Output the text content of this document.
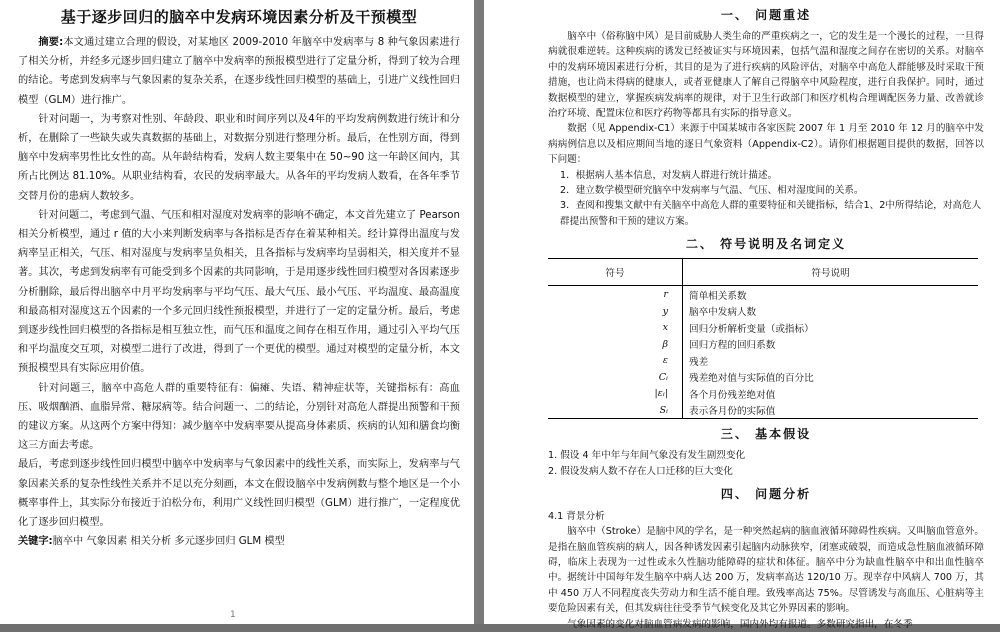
基于逐步回归的脑卒中发病环境因素分析及干预模型

摘要:本文通过建立合理的假设，对某地区 2009-2010 年脑卒中发病率与 8 种气象因素进行了相关分析，并经多元逐步回归建立了脑卒中发病率的预报模型进行了定量分析，得到了较为合理的结论。考虑到发病率与气象因素的复杂关系，在逐步线性回归模型的基础上，引进广义线性回归模型（GLM）进行推广。

针对问题一，为考察对性别、年龄段、职业和时间序列以及4年的平均发病例数进行统计和分析，在删除了一些缺失或失真数据的基础上，对数据分别进行整理分析。最后，在性别方面，得到脑卒中发病率男性比女性的高。从年龄结构看，发病人数主要集中在 50~90 这一年龄区间内，其所占比例达 81.10%。从职业结构看，农民的发病率最大。从各年的平均发病人数看，在各年季节交替月份的患病人数较多。

针对问题二，考虑到气温、气压和相对湿度对发病率的影响不确定，本文首先建立了 Pearson 相关分析模型，通过 r 值的大小来判断发病率与各指标是否存在着某种相关。经计算得出温度与发病率呈正相关，气压、相对湿度与发病率呈负相关，且各指标与发病率均呈弱相关，相关度并不显著。其次，考虑到发病率有可能受到多个因素的共同影响，于是用逐步线性回归模型对各因素逐步分析删除，最后得出脑卒中月平均发病率与平均气压、最大气压、最小气压、平均温度、最高温度和最高相对湿度这五个因素的一个多元回归线性预报模型，并进行了一定的定量分析。最后，考虑到逐步线性回归模型的各指标是相互独立性，而气压和温度之间存在相互作用，通过引入平均气压和平均温度交互项，对模型二进行了改进，得到了一个更优的模型。通过对模型的定量分析，本文预报模型具有实际应用价值。

针对问题三，脑卒中高危人群的重要特征有：偏瘫、失语、精神症状等，关键指标有：高血压、吸烟酗酒、血脂异常、糖尿病等。结合问题一、二的结论，分别针对高危人群提出预警和干预的建议方案。从这两个方案中得知：减少脑卒中发病率要从提高身体素质、疾病的认知和膳食均衡这三方面去考虑。

最后，考虑到逐步线性回归模型中脑卒中发病率与气象因素中的线性关系，而实际上，发病率与气象因素关系的复杂性线性关系并不足以充分刻画，本文在假设脑卒中发病例数与整个地区是一个小概率事件上，其实际分布接近于泊松分布，利用广义线性回归模型（GLM）进行推广，一定程度优化了逐步回归模型。

关键字:脑卒中 气象因素 相关分析 多元逐步回归 GLM 模型

1
一、 问题重述

脑卒中（俗称脑中风）是目前威胁人类生命的严重疾病之一，它的发生是一个漫长的过程，一旦得病就很难逆转。这种疾病的诱发已经被证实与环境因素，包括气温和湿度之间存在密切的关系。对脑卒中的发病环境因素进行分析，其目的是为了进行疾病的风险评估，对脑卒中高危人群能够及时采取干预措施，也让尚未得病的健康人，或者亚健康人了解自己得脑卒中风险程度，进行自我保护。同时，通过数据模型的建立，掌握疾病发病率的规律，对于卫生行政部门和医疗机构合理调配医务力量、改善就诊治疗环境、配置床位和医疗药物等都具有实际的指导意义。

数据（见 Appendix-C1）来源于中国某城市各家医院 2007 年 1 月至 2010 年 12 月的脑卒中发病病例信息以及相应期间当地的逐日气象资料（Appendix-C2）。请你们根据题目提供的数据，回答以下问题：

1．根据病人基本信息，对发病人群进行统计描述。

2．建立数学模型研究脑卒中发病率与气温、气压、相对湿度间的关系。

3．查阅和搜集文献中有关脑卒中高危人群的重要特征和关键指标，结合1、2中所得结论，对高危人群提出预警和干预的建议方案。

二、 符号说明及名词定义
符号	符号说明
r	简单相关系数
y	脑卒中发病人数
x	回归分析解析变量（或指标）
β	回归方程的回归系数
ε	残差
Cᵢ	残差绝对值与实际值的百分比
|εᵢ|	各个月份残差绝对值
Sᵢ	表示各月份的实际值
三、 基本假设

1. 假设 4 年中年与年间气象没有发生剧烈变化

2. 假设发病人数不存在人口迁移的巨大变化

四、 问题分析

4.1 背景分析

脑卒中（Stroke）是脑中风的学名，是一种突然起病的脑血液循环障碍性疾病。又叫脑血管意外。是指在脑血管疾病的病人，因各种诱发因素引起脑内动脉狭窄，闭塞或破裂，而造成急性脑血液循环障碍，临床上表现为一过性或永久性脑功能障碍的症状和体征。脑卒中分为缺血性脑卒中和出血性脑卒中。据统计中国每年发生脑卒中病人达 200 万，发病率高达 120/10 万。现幸存中风病人 700 万，其中 450 万人不同程度丧失劳动力和生活不能自理。致残率高达 75%。尽管诱发与高血压、心脏病等主要危险因素有关，但其发病往往受季节气候变化及其它外界因素的影响。

气象因素的变化对脑血管病发病的影响，国内外均有报道。多数研究指出，在冬季
